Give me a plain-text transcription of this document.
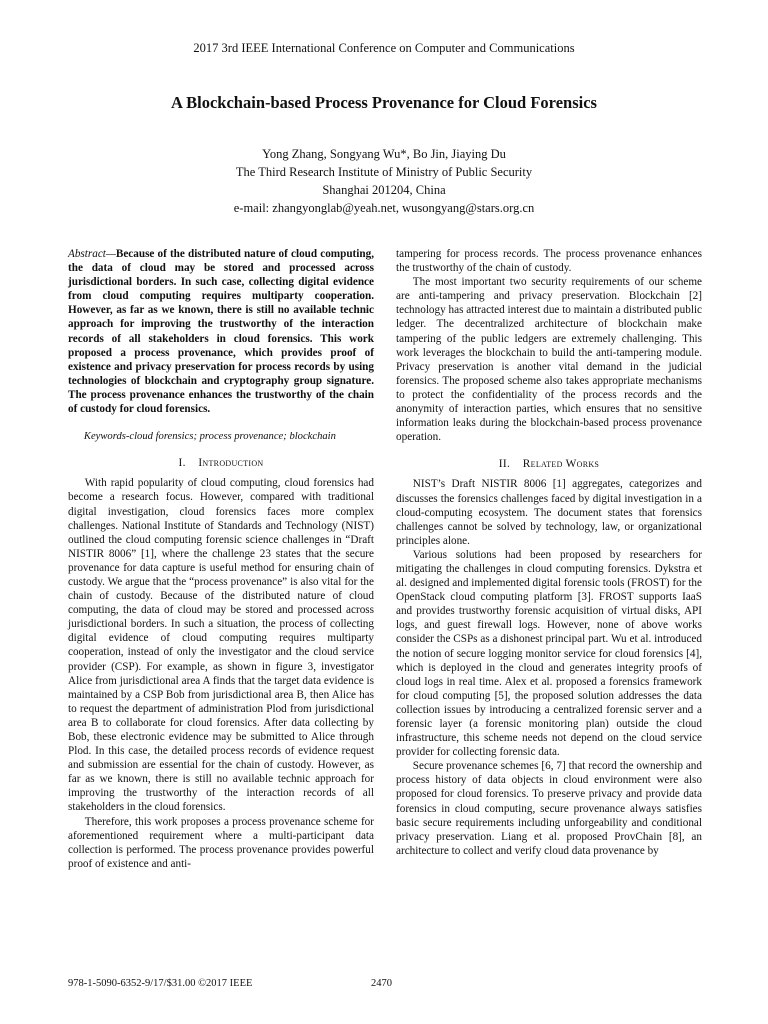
2017 3rd IEEE International Conference on Computer and Communications
A Blockchain-based Process Provenance for Cloud Forensics
Yong Zhang, Songyang Wu*, Bo Jin, Jiaying Du
The Third Research Institute of Ministry of Public Security
Shanghai 201204, China
e-mail: zhangyonglab@yeah.net, wusongyang@stars.org.cn

Abstract—Because of the distributed nature of cloud computing, the data of cloud may be stored and processed across jurisdictional borders. In such case, collecting digital evidence from cloud computing requires multiparty cooperation. However, as far as we known, there is still no available technic approach for improving the trustworthy of the interaction records of all stakeholders in cloud forensics. This work proposed a process provenance, which provides proof of existence and privacy preservation for process records by using technologies of blockchain and cryptography group signature. The process provenance enhances the trustworthy of the chain of custody for cloud forensics.

Keywords-cloud forensics; process provenance; blockchain

I. Introduction

With rapid popularity of cloud computing, cloud forensics had become a research focus. However, compared with traditional digital investigation, cloud forensics faces more complex challenges. National Institute of Standards and Technology (NIST) outlined the cloud computing forensic science challenges in “Draft NISTIR 8006” [1], where the challenge 23 states that the secure provenance for data capture is useful method for ensuring chain of custody. We argue that the “process provenance” is also vital for the chain of custody. Because of the distributed nature of cloud computing, the data of cloud may be stored and processed across jurisdictional borders. In such a situation, the process of collecting digital evidence of cloud computing requires multiparty cooperation, instead of only the investigator and the cloud service provider (CSP). For example, as shown in figure 3, investigator Alice from jurisdictional area A finds that the target data evidence is maintained by a CSP Bob from jurisdictional area B, then Alice has to request the department of administration Plod from jurisdictional area B to collaborate for cloud forensics. After data collecting by Bob, these electronic evidence may be submitted to Alice through Plod. In this case, the detailed process records of evidence request and submission are essential for the chain of custody. However, as far as we known, there is still no available technic approach for improving the trustworthy of the interaction records of all stakeholders in the cloud forensics.

Therefore, this work proposes a process provenance scheme for aforementioned requirement where a multi-participant data collection is performed. The process provenance provides powerful proof of existence and anti-

tampering for process records. The process provenance enhances the trustworthy of the chain of custody.

The most important two security requirements of our scheme are anti-tampering and privacy preservation. Blockchain [2] technology has attracted interest due to maintain a distributed public ledger. The decentralized architecture of blockchain make tampering of the public ledgers are extremely challenging. This work leverages the blockchain to build the anti-tampering module. Privacy preservation is another vital demand in the judicial forensics. The proposed scheme also takes appropriate mechanisms to protect the confidentiality of the process records and the anonymity of interaction parties, which ensures that no sensitive information leaks during the blockchain-based process provenance operation.

II. Related Works

NIST’s Draft NISTIR 8006 [1] aggregates, categorizes and discusses the forensics challenges faced by digital investigation in a cloud-computing ecosystem. The document states that forensics challenges cannot be solved by technology, law, or organizational principles alone.

Various solutions had been proposed by researchers for mitigating the challenges in cloud computing forensics. Dykstra et al. designed and implemented digital forensic tools (FROST) for the OpenStack cloud computing platform [3]. FROST supports IaaS and provides trustworthy forensic acquisition of virtual disks, API logs, and guest firewall logs. However, none of above works consider the CSPs as a dishonest principal part. Wu et al. introduced the notion of secure logging monitor service for cloud forensics [4], which is deployed in the cloud and generates integrity proofs of cloud logs in real time. Alex et al. proposed a forensics framework for cloud computing [5], the proposed solution addresses the data collection issues by introducing a centralized forensic server and a forensic layer (a forensic monitoring plan) outside the cloud infrastructure, this scheme needs not depend on the cloud service provider for collecting forensic data.

Secure provenance schemes [6, 7] that record the ownership and process history of data objects in cloud environment were also proposed for cloud forensics. To preserve privacy and provide data forensics in cloud computing, secure provenance always satisfies basic secure requirements including unforgeability and conditional privacy preservation. Liang et al. proposed ProvChain [8], an architecture to collect and verify cloud data provenance by

978-1-5090-6352-9/17/$31.00 ©2017 IEEE	2470
